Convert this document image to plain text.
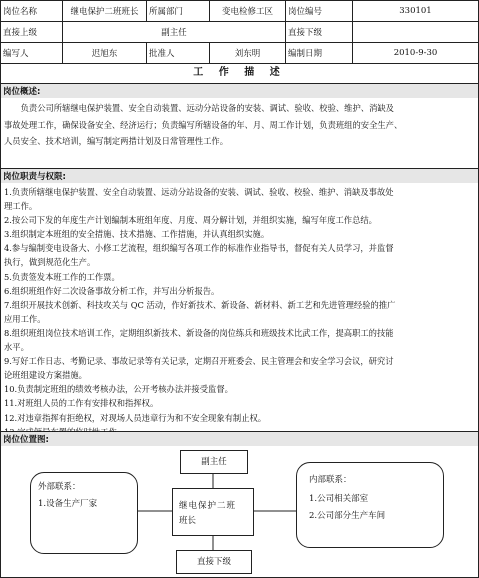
岗位名称	继电保护二班班长	所属部门	变电检修工区	岗位编号	330101
直接上级	副主任			直接下级	
编写人	迟旭东	批准人	刘东明	编制日期	2010-9-30
工 作 描 述
岗位概述:

负责公司所辖继电保护装置、安全自动装置、远动分站设备的安装、调试、验收、校验、维护、消缺及

事故处理工作，确保设备安全、经济运行；负责编写所辖设备的年、月、周工作计划，负责班组的安全生产、

人员安全、技术培训，编写制定两措计划及日常管理性工作。

岗位职责与权限:

1.负责所辖继电保护装置、安全自动装置、远动分站设备的安装、调试、验收、校验、维护、消缺及事故处

理工作。

2.按公司下发的年度生产计划编制本班组年度、月度、周分解计划，并组织实施，编写年度工作总结。

3.组织制定本班组的安全措施、技术措施、工作措施，并认真组织实施。

4.参与编制变电设备大、小修工艺流程，组织编写各项工作的标准作业指导书，督促有关人员学习，并监督

执行，做到规范化生产。

5.负责签发本班工作的工作票。

6.组织班组作好二次设备事故分析工作，并写出分析报告。

7.组织开展技术创新、科技攻关与 QC 活动，作好新技术、新设备、新材料、新工艺和先进管理经验的推广

应用工作。

8.组织班组岗位技术培训工作，定期组织新技术、新设备的岗位练兵和班级技术比武工作，提高职工的技能

水平。

9.写好工作日志、考勤记录、事故记录等有关记录，定期召开班委会、民主管理会和安全学习会议，研究讨

论班组建设方案措施。

10.负责制定班组的绩效考核办法，公开考核办法并接受监督。

11.对班组人员的工作有安排权和指挥权。

12.对违章指挥有拒绝权，对现场人员违章行为和不安全现象有制止权。

岗位位置图:
副主任
继电保护二班
班长
直接下级
外部联系：
1.设备生产厂家
内部联系：
1.公司相关部室
2.公司部分生产车间
